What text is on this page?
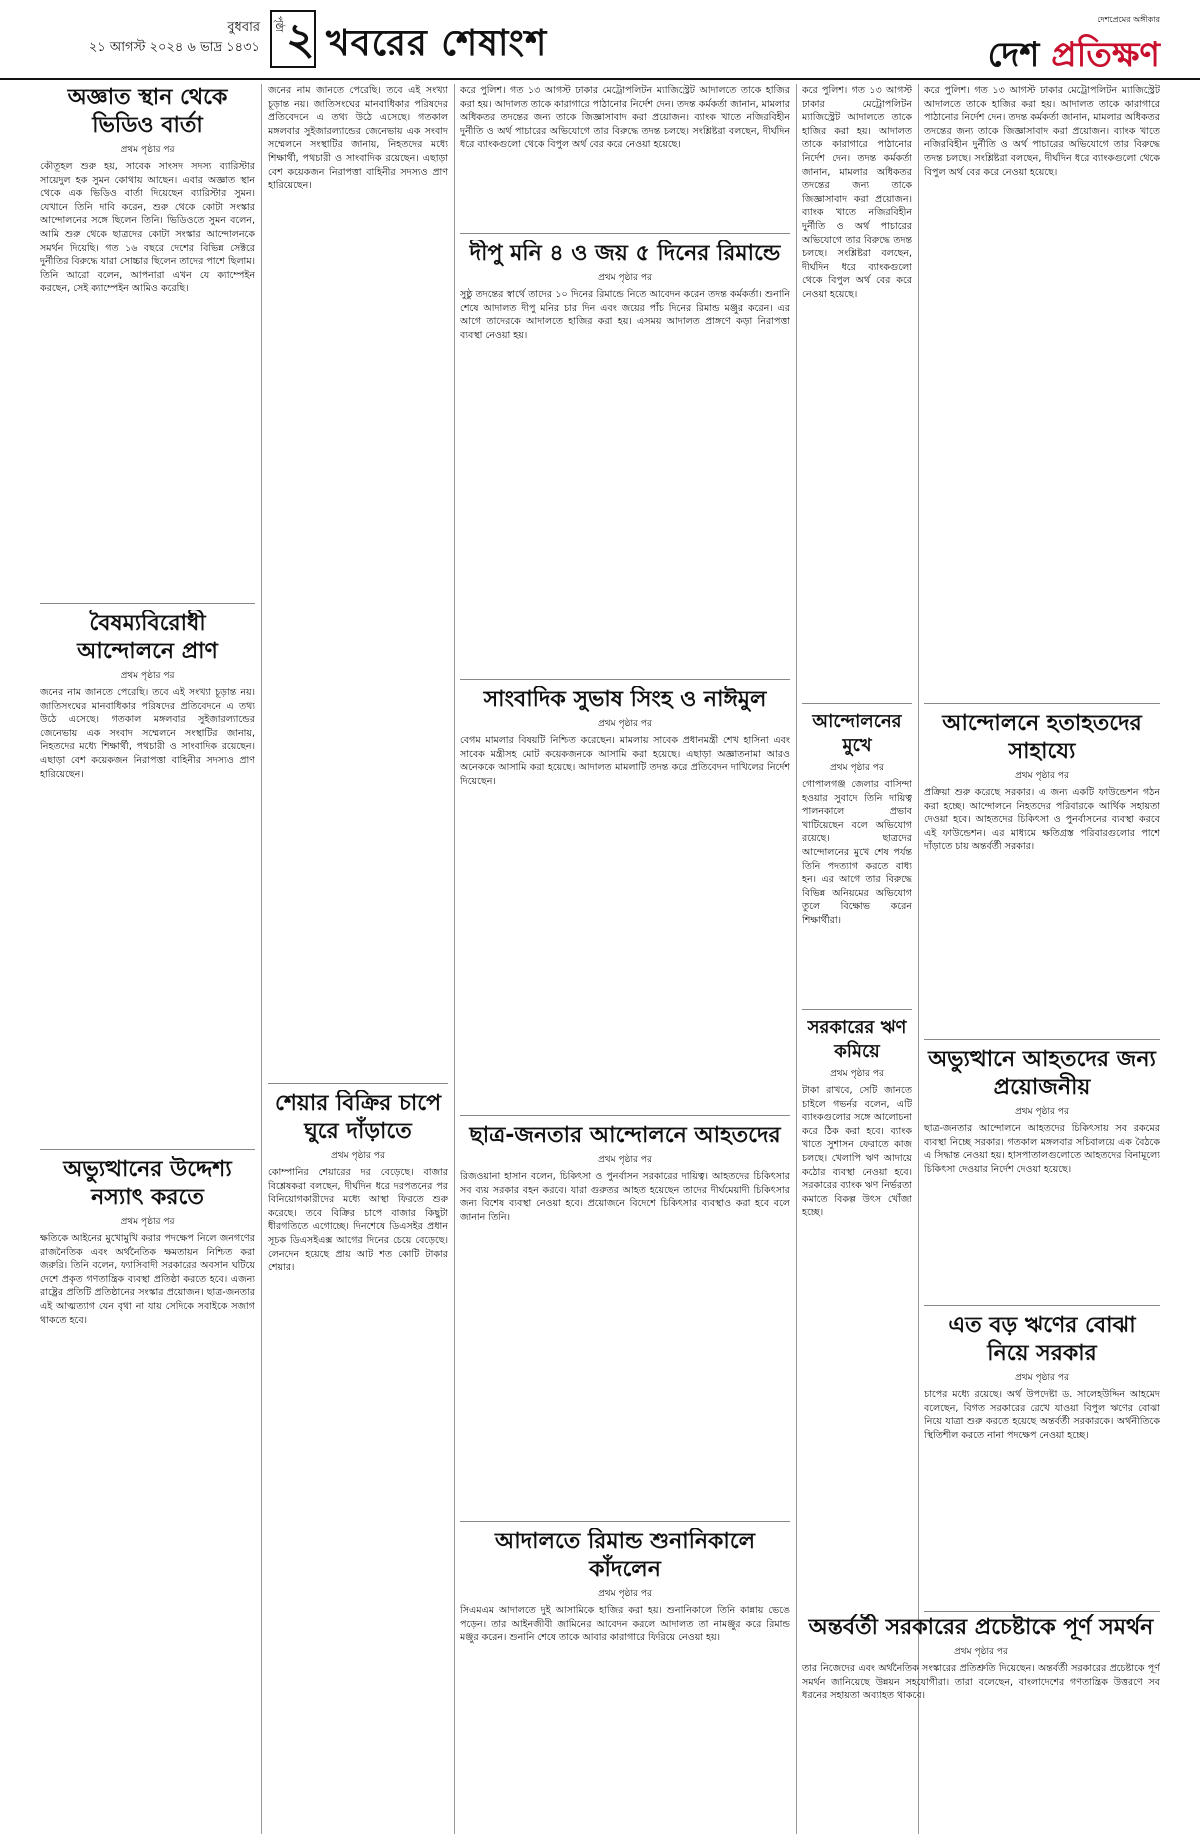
বুধবার
২১ আগস্ট ২০২৪ ৬ ভাদ্র ১৪৩১
পৃষ্ঠা ২ খবরের শেষাংশ
দেশপ্রেমের অঙ্গীকার
দেশ প্রতিক্ষণ
অজ্ঞাত স্থান থেকে ভিডিও বার্তা
প্রথম পৃষ্ঠার পর
কৌতূহল শুরু হয়, সাবেক সাংসদ সদস্য ব্যারিস্টার সায়েদুল হক সুমন কোথায় আছেন। এবার অজ্ঞাত স্থান থেকে এক ভিডিও বার্তা দিয়েছেন ব্যারিস্টার সুমন। যেখানে তিনি দাবি করেন, শুরু থেকে কোটা সংস্কার আন্দোলনের সঙ্গে ছিলেন তিনি। ভিডিওতে সুমন বলেন, আমি শুরু থেকে ছাত্রদের কোটা সংস্কার আন্দোলনকে সমর্থন দিয়েছি। গত ১৬ বছরে দেশের বিভিন্ন সেক্টরে দুর্নীতির বিরুদ্ধে যারা সোচ্চার ছিলেন তাদের পাশে ছিলাম। তিনি আরো বলেন, আপনারা এখন যে ক্যাম্পেইন করছেন, সেই ক্যাম্পেইন আমিও করেছি।
বৈষম্যবিরোধী আন্দোলনে প্রাণ
প্রথম পৃষ্ঠার পর
জনের নাম জানতে পেরেছি। তবে এই সংখ্যা চূড়ান্ত নয়। জাতিসংঘের মানবাধিকার পরিষদের প্রতিবেদনে এ তথ্য উঠে এসেছে। গতকাল মঙ্গলবার সুইজারল্যান্ডের জেনেভায় এক সংবাদ সম্মেলনে সংস্থাটির জানায়, নিহতদের মধ্যে শিক্ষার্থী, পথচারী ও সাংবাদিক রয়েছেন। এছাড়া বেশ কয়েকজন নিরাপত্তা বাহিনীর সদস্যও প্রাণ হারিয়েছেন।
অভ্যুত্থানের উদ্দেশ্য নস্যাৎ করতে
প্রথম পৃষ্ঠার পর
ক্ষতিকে আইনের মুখোমুখি করার পদক্ষেপ নিলে জনগণের রাজনৈতিক এবং অর্থনৈতিক ক্ষমতায়ন নিশ্চিত করা জরুরি। তিনি বলেন, ফ্যাসিবাদী সরকারের অবসান ঘটিয়ে দেশে প্রকৃত গণতান্ত্রিক ব্যবস্থা প্রতিষ্ঠা করতে হবে। এজন্য রাষ্ট্রের প্রতিটি প্রতিষ্ঠানের সংস্কার প্রয়োজন। ছাত্র-জনতার এই আত্মত্যাগ যেন বৃথা না যায় সেদিকে সবাইকে সজাগ থাকতে হবে।
জনের নাম জানতে পেরেছি। তবে এই সংখ্যা চূড়ান্ত নয়। জাতিসংঘের মানবাধিকার পরিষদের প্রতিবেদনে এ তথ্য উঠে এসেছে। গতকাল মঙ্গলবার সুইজারল্যান্ডের জেনেভায় এক সংবাদ সম্মেলনে সংস্থাটির জানায়, নিহতদের মধ্যে শিক্ষার্থী, পথচারী ও সাংবাদিক রয়েছেন। এছাড়া বেশ কয়েকজন নিরাপত্তা বাহিনীর সদস্যও প্রাণ হারিয়েছেন।
শেয়ার বিক্রির চাপে ঘুরে দাঁড়াতে
প্রথম পৃষ্ঠার পর
কোম্পানির শেয়ারের দর বেড়েছে। বাজার বিশ্লেষকরা বলছেন, দীর্ঘদিন ধরে দরপতনের পর বিনিয়োগকারীদের মধ্যে আস্থা ফিরতে শুরু করেছে। তবে বিক্রির চাপে বাজার কিছুটা ধীরগতিতে এগোচ্ছে। দিনশেষে ডিএসইর প্রধান সূচক ডিএসইএক্স আগের দিনের চেয়ে বেড়েছে। লেনদেন হয়েছে প্রায় আট শত কোটি টাকার শেয়ার।
করে পুলিশ। গত ১৩ আগস্ট ঢাকার মেট্রোপলিটন ম্যাজিস্ট্রেট আদালতে তাকে হাজির করা হয়। আদালত তাকে কারাগারে পাঠানোর নির্দেশ দেন। তদন্ত কর্মকর্তা জানান, মামলার অধিকতর তদন্তের জন্য তাকে জিজ্ঞাসাবাদ করা প্রয়োজন। ব্যাংক খাতে নজিরবিহীন দুর্নীতি ও অর্থ পাচারের অভিযোগে তার বিরুদ্ধে তদন্ত চলছে। সংশ্লিষ্টরা বলছেন, দীর্ঘদিন ধরে ব্যাংকগুলো থেকে বিপুল অর্থ বের করে নেওয়া হয়েছে।
দীপু মনি ৪ ও জয় ৫ দিনের রিমান্ডে
প্রথম পৃষ্ঠার পর
সুষ্ঠু তদন্তের স্বার্থে তাদের ১০ দিনের রিমান্ডে নিতে আবেদন করেন তদন্ত কর্মকর্তা। শুনানি শেষে আদালত দীপু মনির চার দিন এবং জয়ের পাঁচ দিনের রিমান্ড মঞ্জুর করেন। এর আগে তাদেরকে আদালতে হাজির করা হয়। এসময় আদালত প্রাঙ্গণে কড়া নিরাপত্তা ব্যবস্থা নেওয়া হয়।
সাংবাদিক সুভাষ সিংহ ও নাঈমুল
প্রথম পৃষ্ঠার পর
বেগম মামলার বিষয়টি নিশ্চিত করেছেন। মামলায় সাবেক প্রধানমন্ত্রী শেখ হাসিনা এবং সাবেক মন্ত্রীসহ মোট কয়েকজনকে আসামি করা হয়েছে। এছাড়া অজ্ঞাতনামা আরও অনেককে আসামি করা হয়েছে। আদালত মামলাটি তদন্ত করে প্রতিবেদন দাখিলের নির্দেশ দিয়েছেন।
ছাত্র-জনতার আন্দোলনে আহতদের
প্রথম পৃষ্ঠার পর
রিজওয়ানা হাসান বলেন, চিকিৎসা ও পুনর্বাসন সরকারের দায়িত্ব। আহতদের চিকিৎসার সব ব্যয় সরকার বহন করবে। যারা গুরুতর আহত হয়েছেন তাদের দীর্ঘমেয়াদী চিকিৎসার জন্য বিশেষ ব্যবস্থা নেওয়া হবে। প্রয়োজনে বিদেশে চিকিৎসার ব্যবস্থাও করা হবে বলে জানান তিনি।
আদালতে রিমান্ড শুনানিকালে কাঁদলেন
প্রথম পৃষ্ঠার পর
সিএমএম আদালতে দুই আসামিকে হাজির করা হয়। শুনানিকালে তিনি কান্নায় ভেঙে পড়েন। তার আইনজীবী জামিনের আবেদন করলে আদালত তা নামঞ্জুর করে রিমান্ড মঞ্জুর করেন। শুনানি শেষে তাকে আবার কারাগারে ফিরিয়ে নেওয়া হয়।
করে পুলিশ। গত ১৩ আগস্ট ঢাকার মেট্রোপলিটন ম্যাজিস্ট্রেট আদালতে তাকে হাজির করা হয়। আদালত তাকে কারাগারে পাঠানোর নির্দেশ দেন। তদন্ত কর্মকর্তা জানান, মামলার অধিকতর তদন্তের জন্য তাকে জিজ্ঞাসাবাদ করা প্রয়োজন। ব্যাংক খাতে নজিরবিহীন দুর্নীতি ও অর্থ পাচারের অভিযোগে তার বিরুদ্ধে তদন্ত চলছে। সংশ্লিষ্টরা বলছেন, দীর্ঘদিন ধরে ব্যাংকগুলো থেকে বিপুল অর্থ বের করে নেওয়া হয়েছে।
আন্দোলনের মুখে
প্রথম পৃষ্ঠার পর
গোপালগঞ্জ জেলার বাসিন্দা হওয়ার সুবাদে তিনি দায়িত্ব পালনকালে প্রভাব খাটিয়েছেন বলে অভিযোগ রয়েছে। ছাত্রদের আন্দোলনের মুখে শেষ পর্যন্ত তিনি পদত্যাগ করতে বাধ্য হন। এর আগে তার বিরুদ্ধে বিভিন্ন অনিয়মের অভিযোগ তুলে বিক্ষোভ করেন শিক্ষার্থীরা।
সরকারের ঋণ কমিয়ে
প্রথম পৃষ্ঠার পর
টাকা রাখবে, সেটি জানতে চাইলে গভর্নর বলেন, এটি ব্যাংকগুলোর সঙ্গে আলোচনা করে ঠিক করা হবে। ব্যাংক খাতে সুশাসন ফেরাতে কাজ চলছে। খেলাপি ঋণ আদায়ে কঠোর ব্যবস্থা নেওয়া হবে। সরকারের ব্যাংক ঋণ নির্ভরতা কমাতে বিকল্প উৎস খোঁজা হচ্ছে।
করে পুলিশ। গত ১৩ আগস্ট ঢাকার মেট্রোপলিটন ম্যাজিস্ট্রেট আদালতে তাকে হাজির করা হয়। আদালত তাকে কারাগারে পাঠানোর নির্দেশ দেন। তদন্ত কর্মকর্তা জানান, মামলার অধিকতর তদন্তের জন্য তাকে জিজ্ঞাসাবাদ করা প্রয়োজন। ব্যাংক খাতে নজিরবিহীন দুর্নীতি ও অর্থ পাচারের অভিযোগে তার বিরুদ্ধে তদন্ত চলছে। সংশ্লিষ্টরা বলছেন, দীর্ঘদিন ধরে ব্যাংকগুলো থেকে বিপুল অর্থ বের করে নেওয়া হয়েছে।
আন্দোলনে হতাহতদের সাহায্যে
প্রথম পৃষ্ঠার পর
প্রক্রিয়া শুরু করেছে সরকার। এ জন্য একটি ফাউন্ডেশন গঠন করা হচ্ছে। আন্দোলনে নিহতদের পরিবারকে আর্থিক সহায়তা দেওয়া হবে। আহতদের চিকিৎসা ও পুনর্বাসনের ব্যবস্থা করবে এই ফাউন্ডেশন। এর মাধ্যমে ক্ষতিগ্রস্ত পরিবারগুলোর পাশে দাঁড়াতে চায় অন্তর্বর্তী সরকার।
অভ্যুত্থানে আহতদের জন্য প্রয়োজনীয়
প্রথম পৃষ্ঠার পর
ছাত্র-জনতার আন্দোলনে আহতদের চিকিৎসায় সব রকমের ব্যবস্থা নিচ্ছে সরকার। গতকাল মঙ্গলবার সচিবালয়ে এক বৈঠকে এ সিদ্ধান্ত নেওয়া হয়। হাসপাতালগুলোতে আহতদের বিনামূল্যে চিকিৎসা দেওয়ার নির্দেশ দেওয়া হয়েছে।
এত বড় ঋণের বোঝা নিয়ে সরকার
প্রথম পৃষ্ঠার পর
চাপের মধ্যে রয়েছে। অর্থ উপদেষ্টা ড. সালেহউদ্দিন আহমেদ বলেছেন, বিগত সরকারের রেখে যাওয়া বিপুল ঋণের বোঝা নিয়ে যাত্রা শুরু করতে হয়েছে অন্তর্বর্তী সরকারকে। অর্থনীতিকে স্থিতিশীল করতে নানা পদক্ষেপ নেওয়া হচ্ছে।
অন্তর্বর্তী সরকারের প্রচেষ্টাকে পূর্ণ সমর্থন
প্রথম পৃষ্ঠার পর
তার নিজেদের এবং অর্থনৈতিক সংস্কারের প্রতিশ্রুতি দিয়েছেন। অন্তর্বর্তী সরকারের প্রচেষ্টাকে পূর্ণ সমর্থন জানিয়েছে উন্নয়ন সহযোগীরা। তারা বলেছেন, বাংলাদেশের গণতান্ত্রিক উত্তরণে সব ধরনের সহায়তা অব্যাহত থাকবে।
